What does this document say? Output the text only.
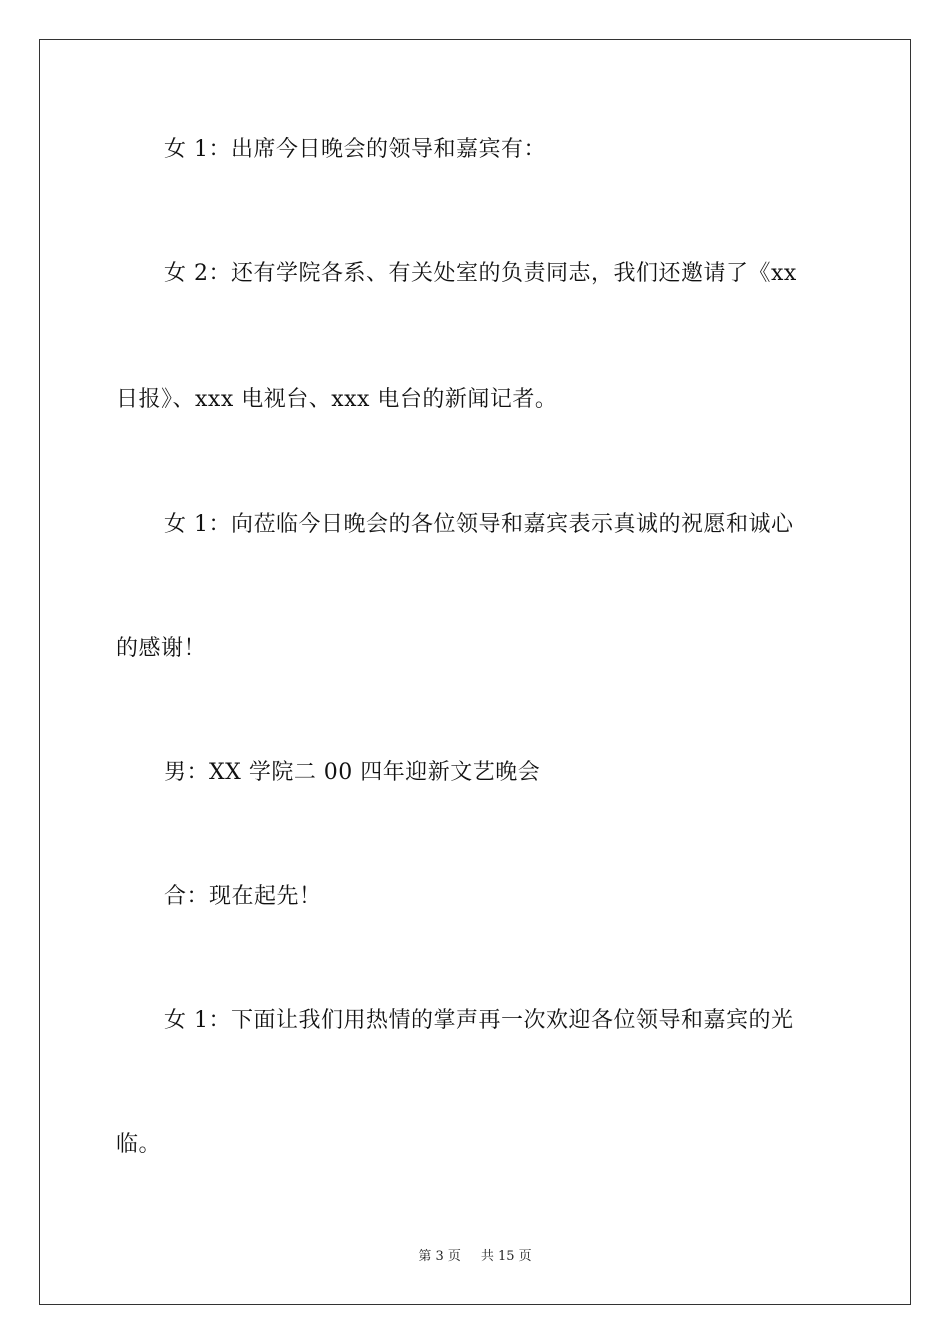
女 1：出席今日晚会的领导和嘉宾有：
女 2：还有学院各系、有关处室的负责同志，我们还邀请了《xx
日报》、xxx 电视台、xxx 电台的新闻记者。
女 1：向莅临今日晚会的各位领导和嘉宾表示真诚的祝愿和诚心
的感谢！
男：XX 学院二 00 四年迎新文艺晚会
合：现在起先！
女 1：下面让我们用热情的掌声再一次欢迎各位领导和嘉宾的光
临。
第 3 页 共 15 页
